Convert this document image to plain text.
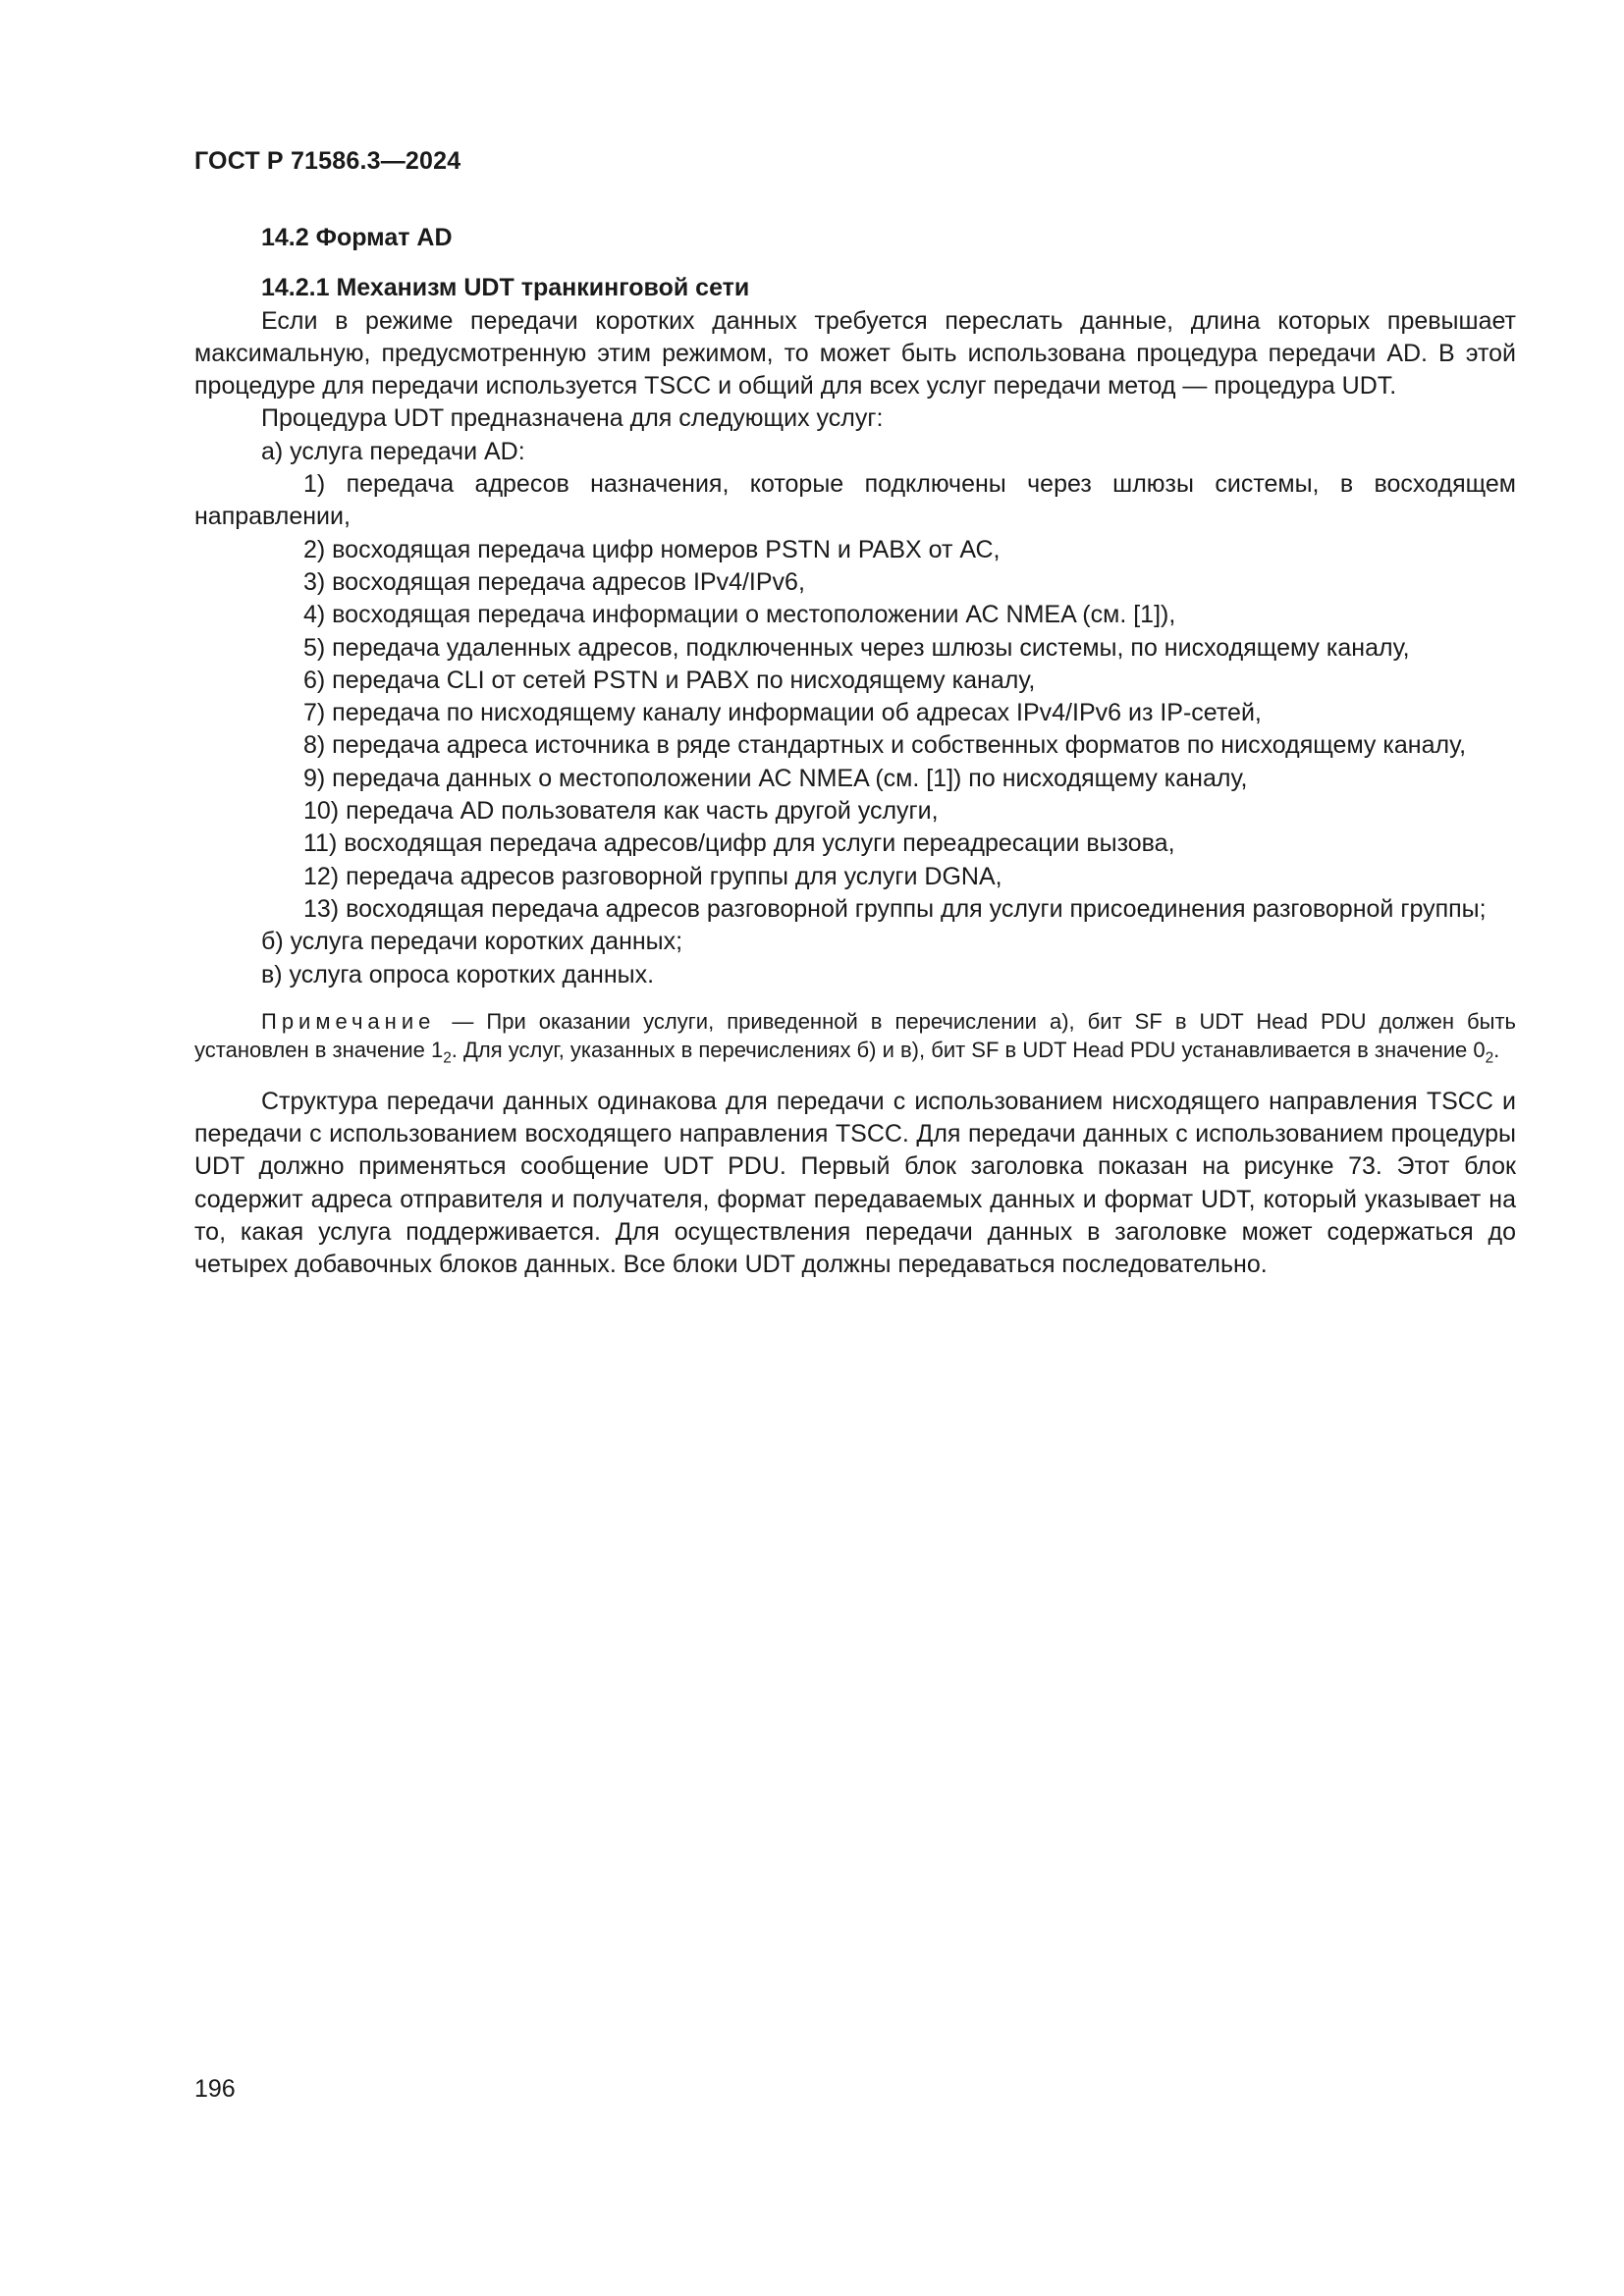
ГОСТ Р 71586.3—2024
14.2 Формат AD
14.2.1 Механизм UDT транкинговой сети

Если в режиме передачи коротких данных требуется переслать данные, длина которых превышает максимальную, предусмотренную этим режимом, то может быть использована процедура передачи AD. В этой процедуре для передачи используется TSCC и общий для всех услуг передачи метод — процедура UDT.

Процедура UDT предназначена для следующих услуг:

а) услуга передачи AD:

1) передача адресов назначения, которые подключены через шлюзы системы, в восходящем направлении,

2) восходящая передача цифр номеров PSTN и PABX от АС,

3) восходящая передача адресов IPv4/IPv6,

4) восходящая передача информации о местоположении АС NMEA (см. [1]),

5) передача удаленных адресов, подключенных через шлюзы системы, по нисходящему каналу,

6) передача CLI от сетей PSTN и PABX по нисходящему каналу,

7) передача по нисходящему каналу информации об адресах IPv4/IPv6 из IP-сетей,

8) передача адреса источника в ряде стандартных и собственных форматов по нисходящему каналу,

9) передача данных о местоположении АС NMEA (см. [1]) по нисходящему каналу,

10) передача AD пользователя как часть другой услуги,

11) восходящая передача адресов/цифр для услуги переадресации вызова,

12) передача адресов разговорной группы для услуги DGNA,

13) восходящая передача адресов разговорной группы для услуги присоединения разговорной группы;

б) услуга передачи коротких данных;

в) услуга опроса коротких данных.

Примечание — При оказании услуги, приведенной в перечислении а), бит SF в UDT Head PDU должен быть установлен в значение $1_2$. Для услуг, указанных в перечислениях б) и в), бит SF в UDT Head PDU устанавливается в значение $0_2$.

Структура передачи данных одинакова для передачи с использованием нисходящего направления TSCC и передачи с использованием восходящего направления TSCC. Для передачи данных с использованием процедуры UDT должно применяться сообщение UDT PDU. Первый блок заголовка показан на рисунке 73. Этот блок содержит адреса отправителя и получателя, формат передаваемых данных и формат UDT, который указывает на то, какая услуга поддерживается. Для осуществления передачи данных в заголовке может содержаться до четырех добавочных блоков данных. Все блоки UDT должны передаваться последовательно.

196
